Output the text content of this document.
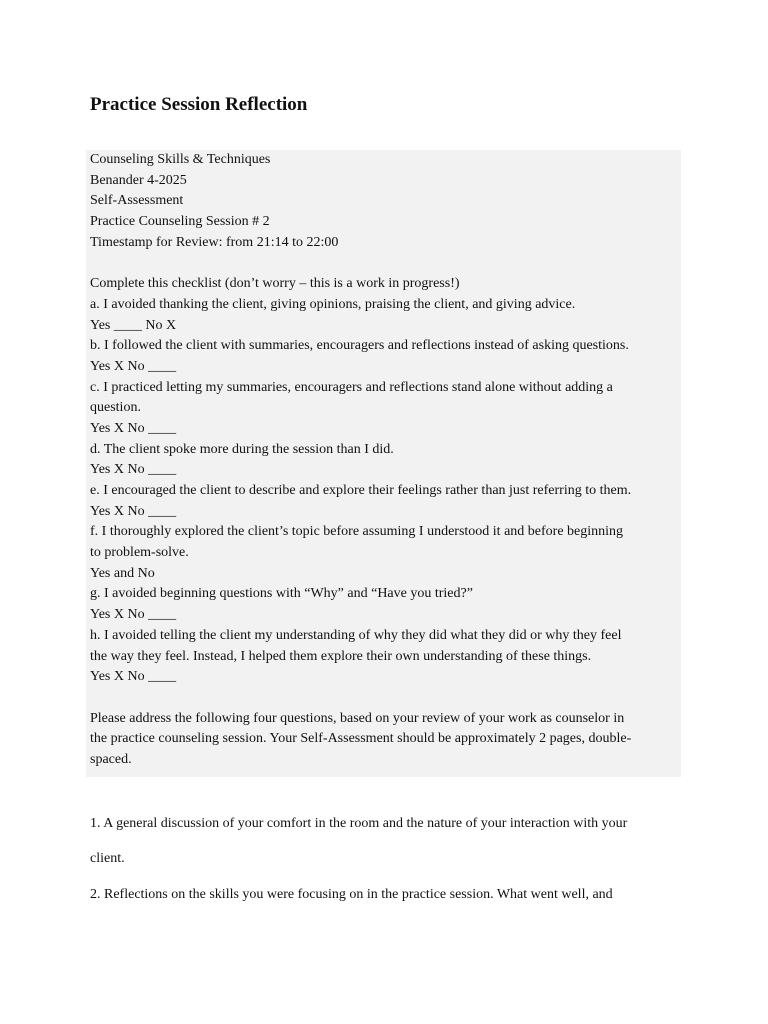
Practice Session Reflection
Counseling Skills & Techniques
Benander 4-2025
Self-Assessment
Practice Counseling Session # 2
Timestamp for Review: from 21:14 to 22:00
Complete this checklist (don’t worry – this is a work in progress!)
a. I avoided thanking the client, giving opinions, praising the client, and giving advice.
Yes ____ No X
b. I followed the client with summaries, encouragers and reflections instead of asking questions.
Yes X No ____
c. I practiced letting my summaries, encouragers and reflections stand alone without adding a
question.
Yes X No ____
d. The client spoke more during the session than I did.
Yes X No ____
e. I encouraged the client to describe and explore their feelings rather than just referring to them.
Yes X No ____
f. I thoroughly explored the client’s topic before assuming I understood it and before beginning
to problem-solve.
Yes and No
g. I avoided beginning questions with “Why” and “Have you tried?”
Yes X No ____
h. I avoided telling the client my understanding of why they did what they did or why they feel
the way they feel. Instead, I helped them explore their own understanding of these things.
Yes X No ____
Please address the following four questions, based on your review of your work as counselor in
the practice counseling session. Your Self-Assessment should be approximately 2 pages, double-
spaced.
1. A general discussion of your comfort in the room and the nature of your interaction with your
client.
2. Reflections on the skills you were focusing on in the practice session. What went well, and
